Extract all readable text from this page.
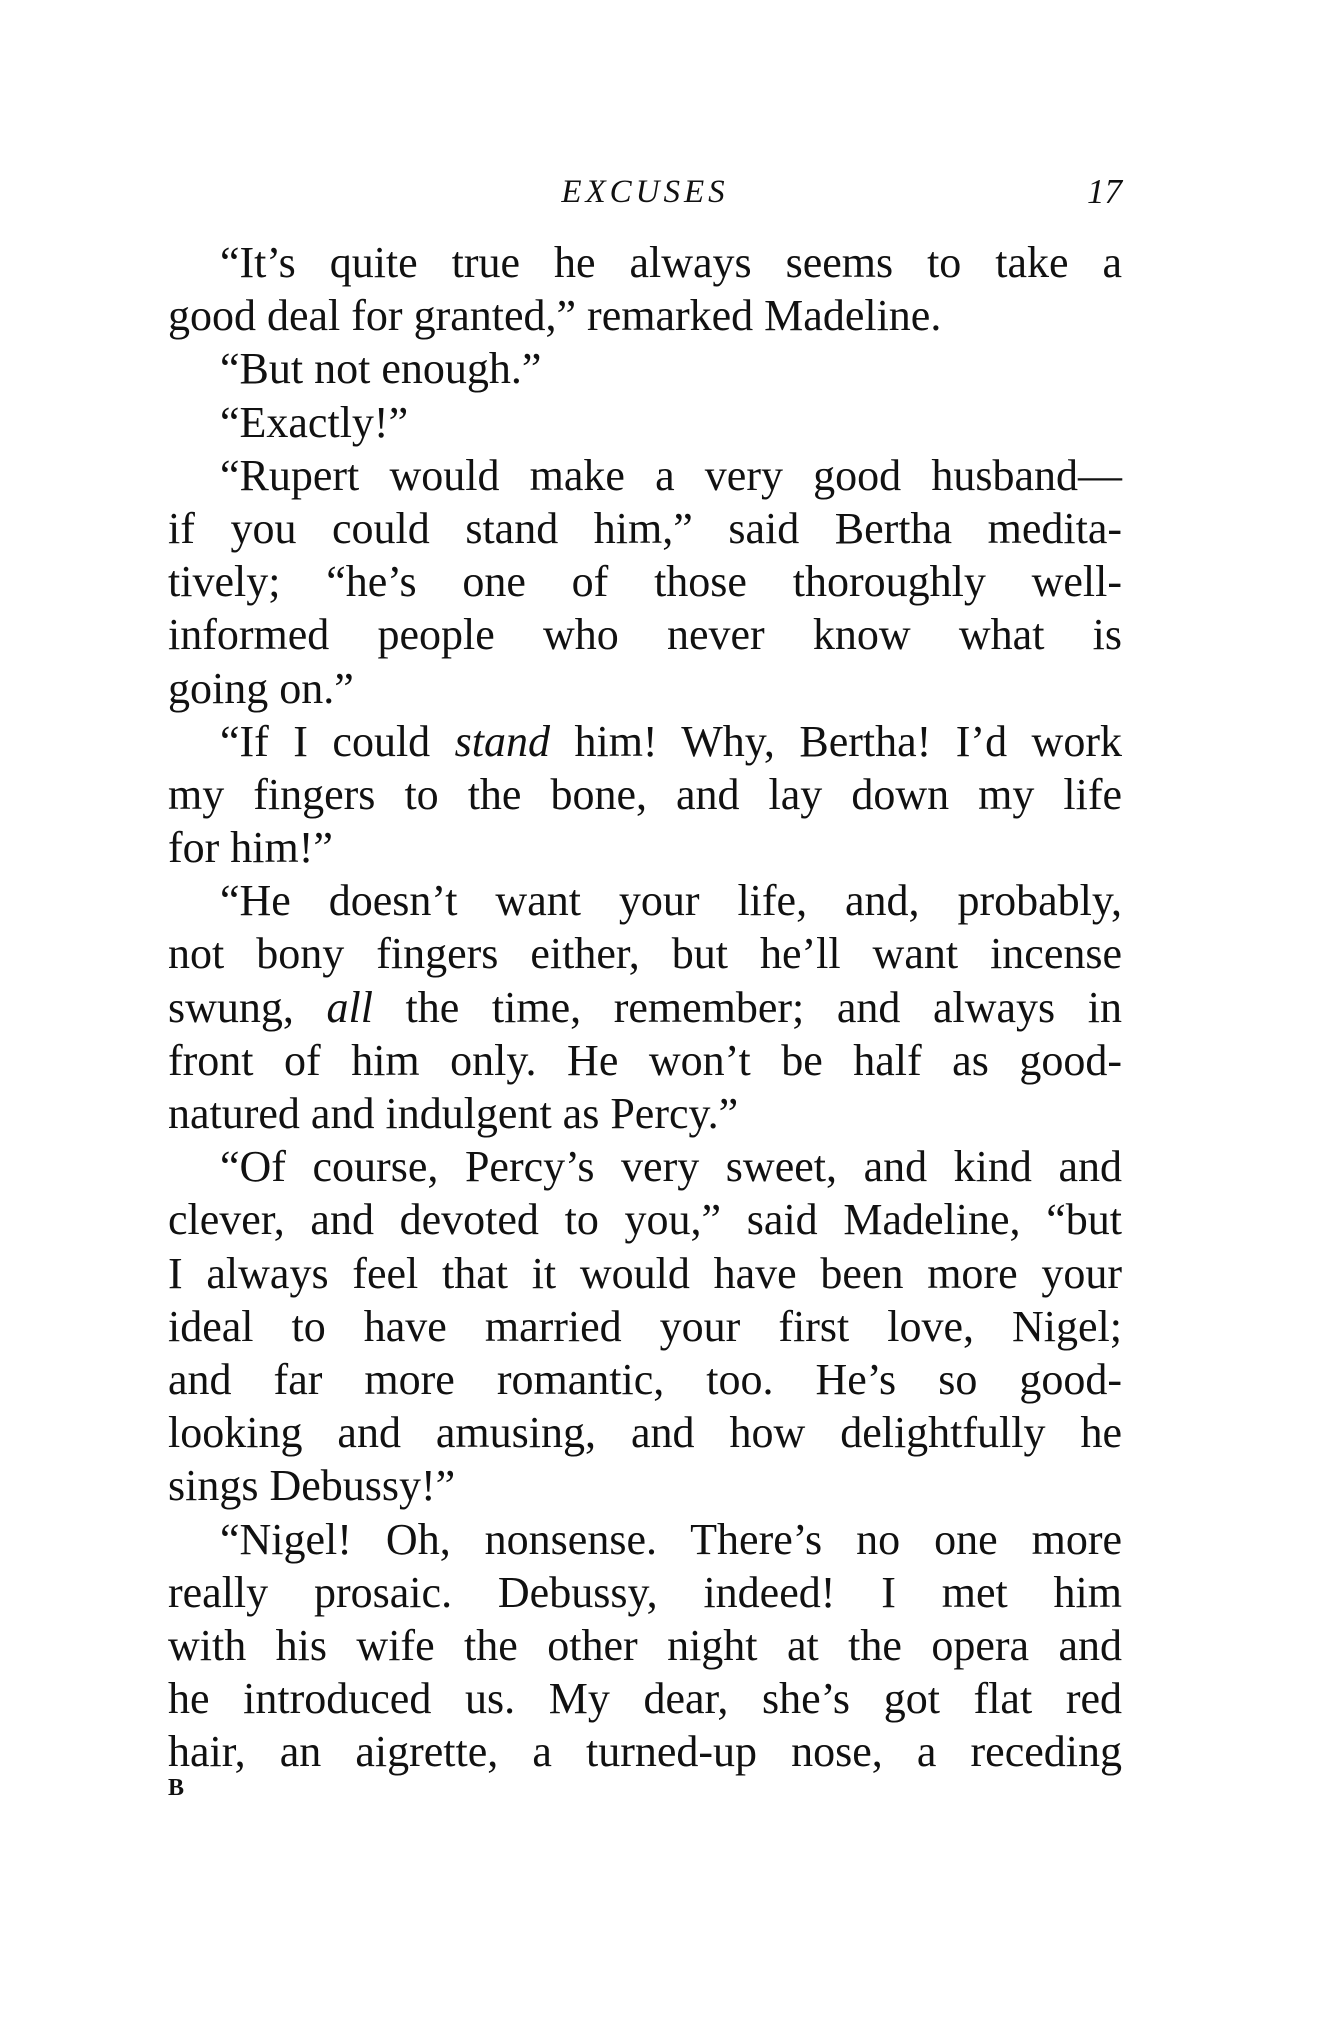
EXCUSES	17
“It’s quite true he always seems to take a
good deal for granted,” remarked Madeline.
“But not enough.”
“Exactly!”
“Rupert would make a very good husband—
if you could stand him,” said Bertha medita-
tively; “he’s one of those thoroughly well-
informed people who never know what is
going on.”
“If I could stand him! Why, Bertha! I’d work
my fingers to the bone, and lay down my life
for him!”
“He doesn’t want your life, and, probably,
not bony fingers either, but he’ll want incense
swung, all the time, remember; and always in
front of him only. He won’t be half as good-
natured and indulgent as Percy.”
“Of course, Percy’s very sweet, and kind and
clever, and devoted to you,” said Madeline, “but
I always feel that it would have been more your
ideal to have married your first love, Nigel;
and far more romantic, too. He’s so good-
looking and amusing, and how delightfully he
sings Debussy!”
“Nigel! Oh, nonsense. There’s no one more
really prosaic. Debussy, indeed! I met him
with his wife the other night at the opera and
he introduced us. My dear, she’s got flat red
hair, an aigrette, a turned-up nose, a receding
B
